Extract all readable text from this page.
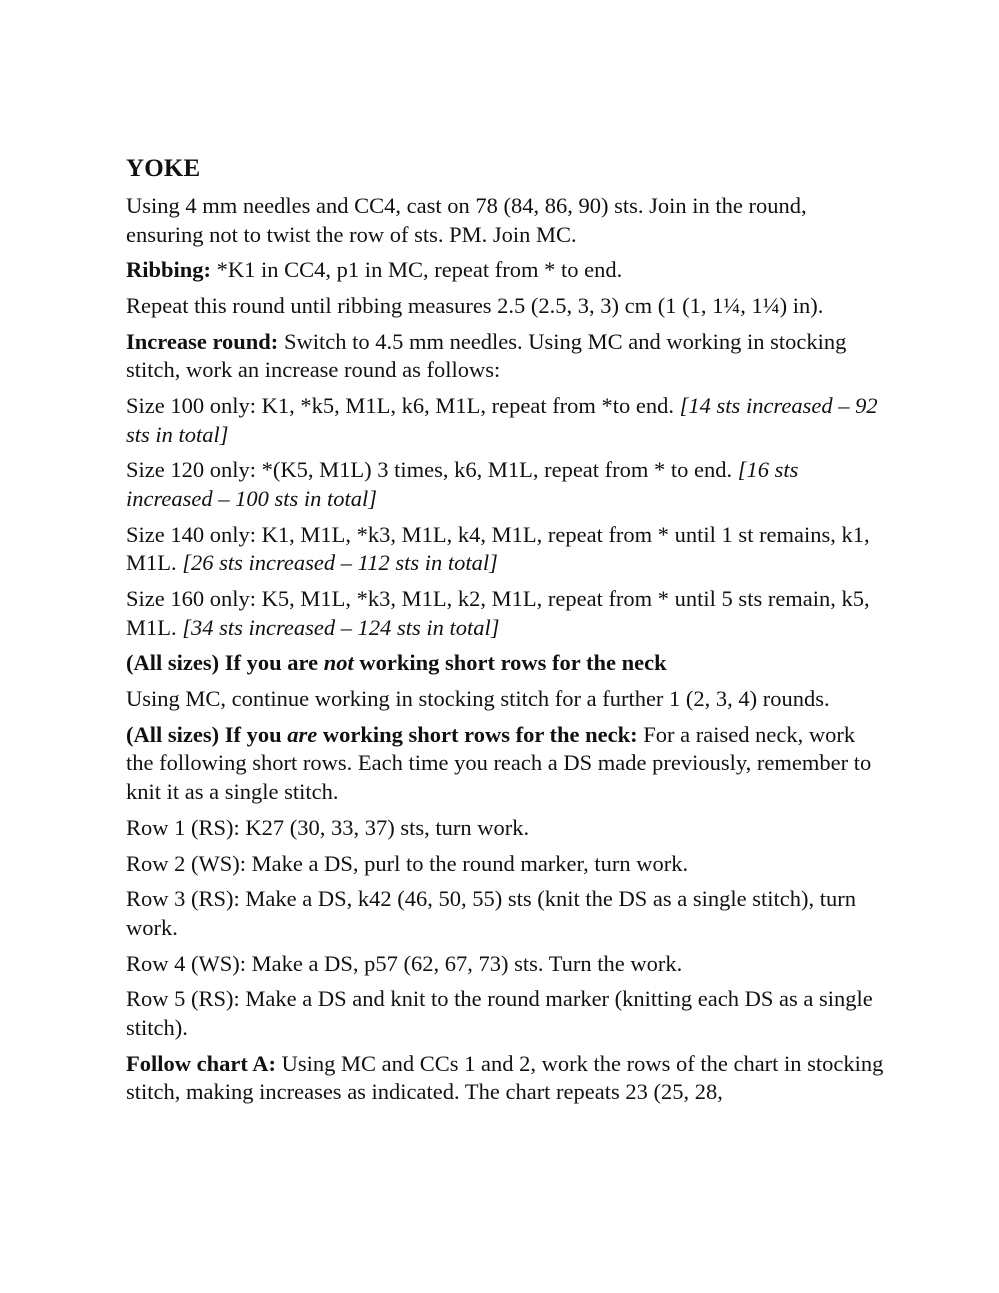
YOKE

Using 4 mm needles and CC4, cast on 78 (84, 86, 90) sts. Join in the round, ensuring not to twist the row of sts. PM. Join MC.

Ribbing: *K1 in CC4, p1 in MC, repeat from * to end.

Repeat this round until ribbing measures 2.5 (2.5, 3, 3) cm (1 (1, 1¼, 1¼) in).

Increase round: Switch to 4.5 mm needles. Using MC and working in stocking stitch, work an increase round as follows:

Size 100 only: K1, *k5, M1L, k6, M1L, repeat from *to end. [14 sts increased – 92 sts in total]

Size 120 only: *(K5, M1L) 3 times, k6, M1L, repeat from * to end. [16 sts increased – 100 sts in total]

Size 140 only: K1, M1L, *k3, M1L, k4, M1L, repeat from * until 1 st remains, k1, M1L. [26 sts increased – 112 sts in total]

Size 160 only: K5, M1L, *k3, M1L, k2, M1L, repeat from * until 5 sts remain, k5, M1L. [34 sts increased – 124 sts in total]

(All sizes) If you are not working short rows for the neck

Using MC, continue working in stocking stitch for a further 1 (2, 3, 4) rounds.

(All sizes) If you are working short rows for the neck: For a raised neck, work the following short rows. Each time you reach a DS made previously, remember to knit it as a single stitch.

Row 1 (RS): K27 (30, 33, 37) sts, turn work.

Row 2 (WS): Make a DS, purl to the round marker, turn work.

Row 3 (RS): Make a DS, k42 (46, 50, 55) sts (knit the DS as a single stitch), turn work.

Row 4 (WS): Make a DS, p57 (62, 67, 73) sts. Turn the work.

Row 5 (RS): Make a DS and knit to the round marker (knitting each DS as a single stitch).

Follow chart A: Using MC and CCs 1 and 2, work the rows of the chart in stocking stitch, making increases as indicated. The chart repeats 23 (25, 28,
